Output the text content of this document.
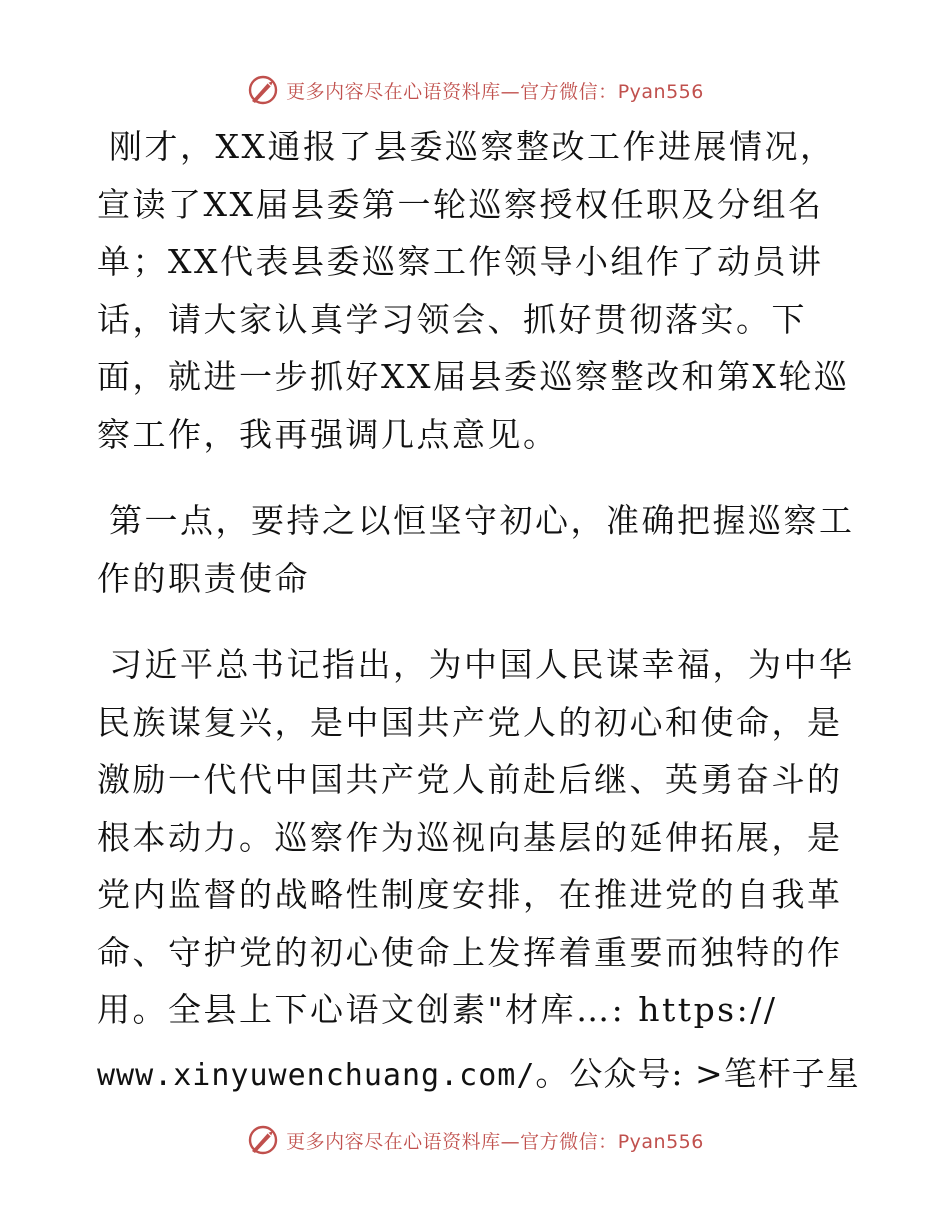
更多内容尽在心语资料库—官方微信：Pyan556

刚才，XX通报了县委巡察整改工作进展情况，宣读了XX届县委第一轮巡察授权任职及分组名单；XX代表县委巡察工作领导小组作了动员讲话，请大家认真学习领会、抓好贯彻落实。下面，就进一步抓好XX届县委巡察整改和第X轮巡察工作，我再强调几点意见。

第一点，要持之以恒坚守初心，准确把握巡察工作的职责使命

习近平总书记指出，为中国人民谋幸福，为中华民族谋复兴，是中国共产党人的初心和使命，是激励一代代中国共产党人前赴后继、英勇奋斗的根本动力。巡察作为巡视向基层的延伸拓展，是党内监督的战略性制度安排，在推进党的自我革命、守护党的初心使命上发挥着重要而独特的作用。全县上下心语文创素"材库…: https://

www.xinyuwenchuang.com/。公众号: >笔杆子星

更多内容尽在心语资料库—官方微信：Pyan556
